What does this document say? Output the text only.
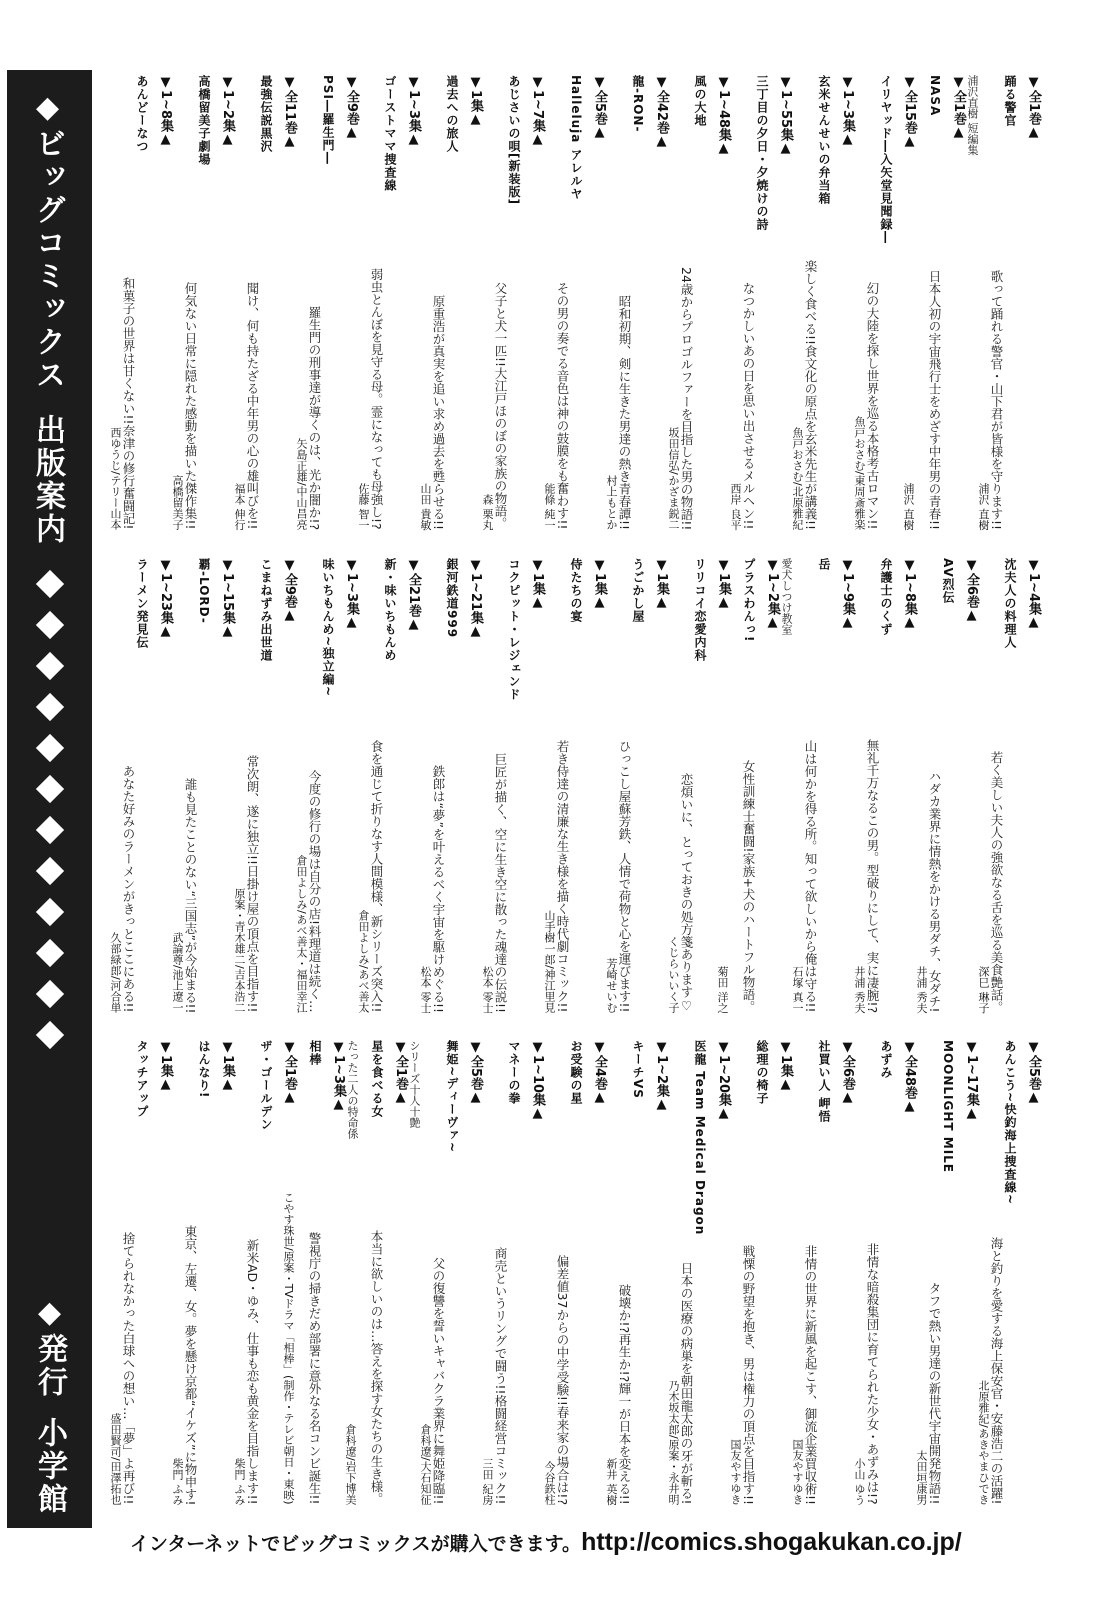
◆ビッグコミックス出版案内
◆発行小学館
▼全1巻▲
踊る警官
浦沢 直樹 歌って踊れる警官・山下君が皆様を守ります!!
浦沢直樹 短編集
▼全1巻▲
NASA
浦沢 直樹 日本人初の宇宙飛行士をめざす中年男の青春!!
▼全15巻▲
イリヤッド―入矢堂見聞録―
魚戸おさむ/東周斎雅楽 幻の大陸を探し世界を巡る本格考古ロマン!!
▼1~3集▲
玄米せんせいの弁当箱
魚戸おさむ/北原雅紀 楽しく食べる!!食文化の原点を玄米先生が講義!!
▼1~55集▲
三丁目の夕日・夕焼けの詩
西岸 良平 なつかしいあの日を思い出させるメルヘン!!
▼1~48集▲
風の大地
坂田信弘/かざま鋭二 24歳からプロゴルファーを目指した男の物語!!
▼全42巻▲
龍-RON-
村上もとか 昭和初期、剣に生きた男達の熱き青春譚!!
▼全5巻▲
Halleluja アレルヤ
能條 純一 その男の奏でる音色は神の鼓膜をも奮わす!!
▼1~7集▲
あじさいの唄[新装版]
森 栗丸 父子と犬一匹!!大江戸ほのぼの家族の物語。
▼1集▲
過去への旅人
山田 貴敏 原重浩が真実を追い求め過去を甦らせる!!
▼1~3集▲
ゴーストママ捜査線
佐藤 智一 弱虫とんぼを見守る母。霊になっても母強し!?
▼全9巻▲
PSI―羅生門―
矢島正雄/中山昌亮 羅生門の刑事達が導くのは、光か闇か!?
▼全11巻▲
最強伝説黒沢
福本 伸行 聞け、何も持たざる中年男の心の雄叫びを!!
▼1~2集▲
高橋留美子劇場
高橋留美子 何気ない日常に隠れた感動を描いた傑作集!!
▼1~8集▲
あんどーなつ
西ゆうじ/テリー山本 和菓子の世界は甘くない!!奈津の修行奮闘記!
▼1~4集▲
沈夫人の料理人
深巳 琳子 若く美しい夫人の強欲なる舌を巡る美食艶話。
▼全6巻▲
AV烈伝
井浦 秀夫 ハダカ業界に情熱をかける男ダチ、女ダチ!
▼1~8集▲
弁護士のくず
井浦 秀夫 無礼千万なるこの男。型破りにして、実に凄腕!?
▼1~9集▲
岳
石塚 真一 山は何かを得る所。知って欲しいから俺は守る!!
愛犬しつけ教室
▼1~2集▲
プラスわんっ!
菊田 洋之 女性訓練士奮闘!家族+犬のハートフル物語。
▼1集▲
リリコイ恋愛内科
くじらいいく子 恋煩いに、とっておきの処方箋あります♡
▼1集▲
うごかし屋
芳崎せいむ ひっこし屋蘇芳鉄、人情で荷物と心を運びます!!
▼1集▲
侍たちの宴
山手樹一郎/神江里見 若き侍達の清廉な生き様を描く時代劇コミック!!
▼1集▲
コクピット・レジェンド
松本 零士 巨匠が描く、空に生き空に散った魂達の伝説!!
▼1~21集▲
銀河鉄道999
松本 零士 鉄郎は“夢”を叶えるべく宇宙を駆けめぐる!!
▼全21巻▲
新・味いちもんめ
倉田よしみ/あべ善太 食を通じて折りなす人間模様、新シリーズ突入!!
▼1~3集▲
味いちもんめ~独立編~
倉田よしみ/あべ善太・福田幸江 今度の修行の場は自分の店!料理道は続く…
▼全9巻▲
こまねずみ出世道
原案・青木雄二/吉本浩二 常次朗、遂に独立!!日掛け屋の頂点を目指す!!
▼1~15集▲
覇-LORD-
武論尊/池上遼一 誰も見たことのない“三国志”が今始まる!!
▼1~23集▲
ラーメン発見伝
久部緑郎/河合単 あなた好みのラーメンがきっとここにある!!
▼全5巻▲
あんこう~快釣海上捜査線~
北原雅紀/あきやまひでき 海と釣りを愛する海上保安官・安藤浩二の活躍!
▼1~17集▲
MOONLIGHT MILE
太田垣康男 タフで熱い男達の新世代宇宙開発物語!!
▼全48巻▲
あずみ
小山 ゆう 非情な暗殺集団に育てられた少女・あずみは!?
▼全6巻▲
社買い人 岬悟
国友やすゆき 非情の世界に新風を起こす、御流企業買収術!!
▼1集▲
総理の椅子
国友やすゆき 戦慄の野望を抱き、男は権力の頂点を目指す!!
▼1~20集▲
医龍 Team Medical Dragon
乃木坂太郎/原案・永井明 日本の医療の病巣を朝田龍太郎の牙が斬る!
▼1~2集▲
キーチVS
新井 英樹 破壊か!?再生か!?輝一が日本を変える!!
▼全4巻▲
お受験の星
今谷鉄柱 偏差値37からの中学受験!!春来家の場合は!?
▼1~10集▲
マネーの拳
三田 紀房 商売というリングで闘う!!格闘経営コミック!!
▼全5巻▲
舞姫~ディーヴァ~
倉科遼/大石知征 父の復讐を誓いキャバクラ業界に舞姫降臨!!
シリーズ十人十艶
▼全1巻▲
星を食べる女
倉科遼/岩下博美 本当に欲しいのは…答えを探す女たちの生き様。
たった二人の特命係
▼1~3集▲
相棒
こやす珠世/原案・TVドラマ「相棒」(制作・テレビ朝日・東映) 警視庁の掃きだめ部署に意外なる名コンビ誕生!!
▼全1巻▲
ザ・ゴールデン
柴門 ふみ 新米AD・ゆみ、仕事も恋も黄金を目指します!!
▼1集▲
はんなり!
柴門 ふみ 東京、左遷、女。夢を懸け京都“イケズ”に物申す!
▼1集▲
タッチアップ
盛田賢司/田澤拓也 捨てられなかった白球への想い…「夢」よ再び!!
インターネットでビッグコミックスが購入できます。http://comics.shogakukan.co.jp/
